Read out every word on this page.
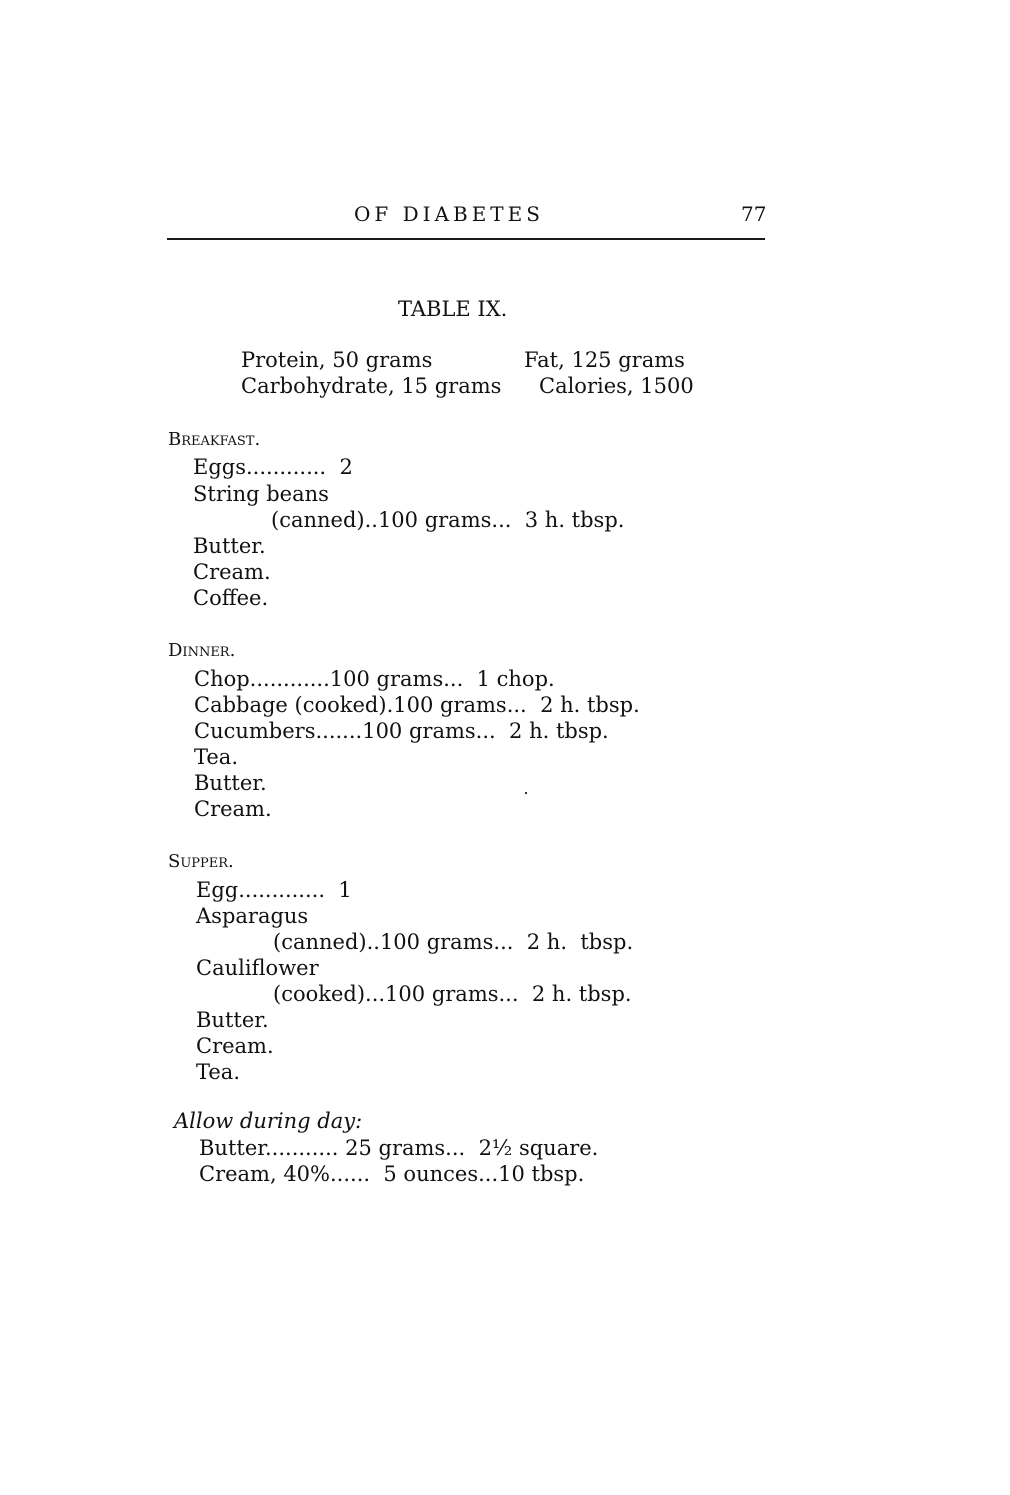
OF DIABETES	77
TABLE IX.
Protein, 50 grams	Fat, 125 grams
Carbohydrate, 15 grams Calories, 1500
Breakfast.
Eggs............  2
String beans
(canned)..100 grams...  3 h. tbsp.
Butter.
Cream.
Coffee.
Dinner.
Chop............100 grams...  1 chop.
Cabbage (cooked).100 grams...  2 h. tbsp.
Cucumbers.......100 grams...  2 h. tbsp.
Tea.
Butter.
Cream.
Supper.
Egg.............  1
Asparagus
(canned)..100 grams...  2 h.  tbsp.
Cauliflower
(cooked)...100 grams...  2 h. tbsp.
Butter.
Cream.
Tea.
Allow during day:
Butter........... 25 grams...  2½ square.
Cream, 40%......  5 ounces...10 tbsp.
